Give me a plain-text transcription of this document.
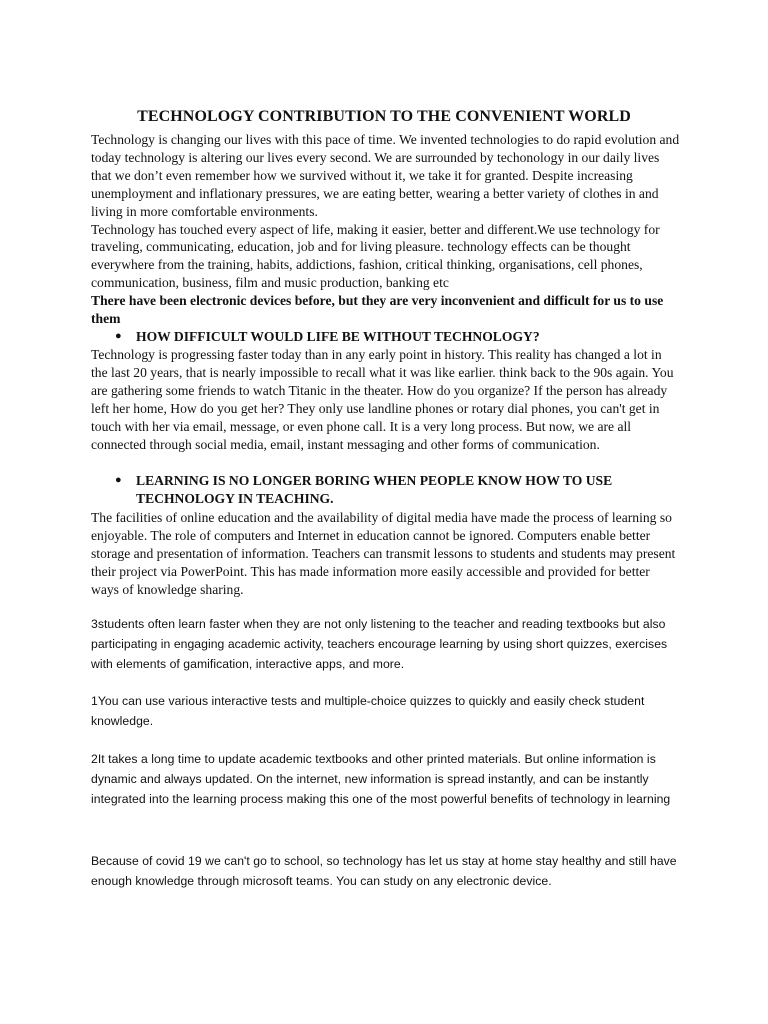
TECHNOLOGY CONTRIBUTION TO THE CONVENIENT WORLD

Technology is changing our lives with this pace of time. We invented technologies to do rapid evolution and today technology is altering our lives every second. We are surrounded by techonology in our daily lives that we don’t even remember how we survived without it, we take it for granted. Despite increasing unemployment and inflationary pressures, we are eating better, wearing a better variety of clothes in and living in more comfortable environments.

Technology has touched every aspect of life, making it easier, better and different.We use technology for traveling, communicating, education, job and for living pleasure. technology effects can be thought everywhere from the training, habits, addictions, fashion, critical thinking, organisations, cell phones, communication, business, film and music production, banking etc

There have been electronic devices before, but they are very inconvenient and difficult for us to use them

● HOW DIFFICULT WOULD LIFE BE WITHOUT TECHNOLOGY?

Technology is progressing faster today than in any early point in history. This reality has changed a lot in the last 20 years, that is nearly impossible to recall what it was like earlier. think back to the 90s again. You are gathering some friends to watch Titanic in the theater. How do you organize? If the person has already left her home, How do you get her? They only use landline phones or rotary dial phones, you can't get in touch with her via email, message, or even phone call. It is a very long process. But now, we are all connected through social media, email, instant messaging and other forms of communication.

● LEARNING IS NO LONGER BORING WHEN PEOPLE KNOW HOW TO USE TECHNOLOGY IN TEACHING.

The facilities of online education and the availability of digital media have made the process of learning so enjoyable. The role of computers and Internet in education cannot be ignored. Computers enable better storage and presentation of information. Teachers can transmit lessons to students and students may present their project via PowerPoint. This has made information more easily accessible and provided for better ways of knowledge sharing.

3students often learn faster when they are not only listening to the teacher and reading textbooks but also participating in engaging academic activity, teachers encourage learning by using short quizzes, exercises with elements of gamification, interactive apps, and more.

1You can use various interactive tests and multiple-choice quizzes to quickly and easily check student knowledge.

2It takes a long time to update academic textbooks and other printed materials. But online information is dynamic and always updated. On the internet, new information is spread instantly, and can be instantly integrated into the learning process making this one of the most powerful benefits of technology in learning

Because of covid 19 we can't go to school, so technology has let us stay at home stay healthy and still have enough knowledge through microsoft teams. You can study on any electronic device.
